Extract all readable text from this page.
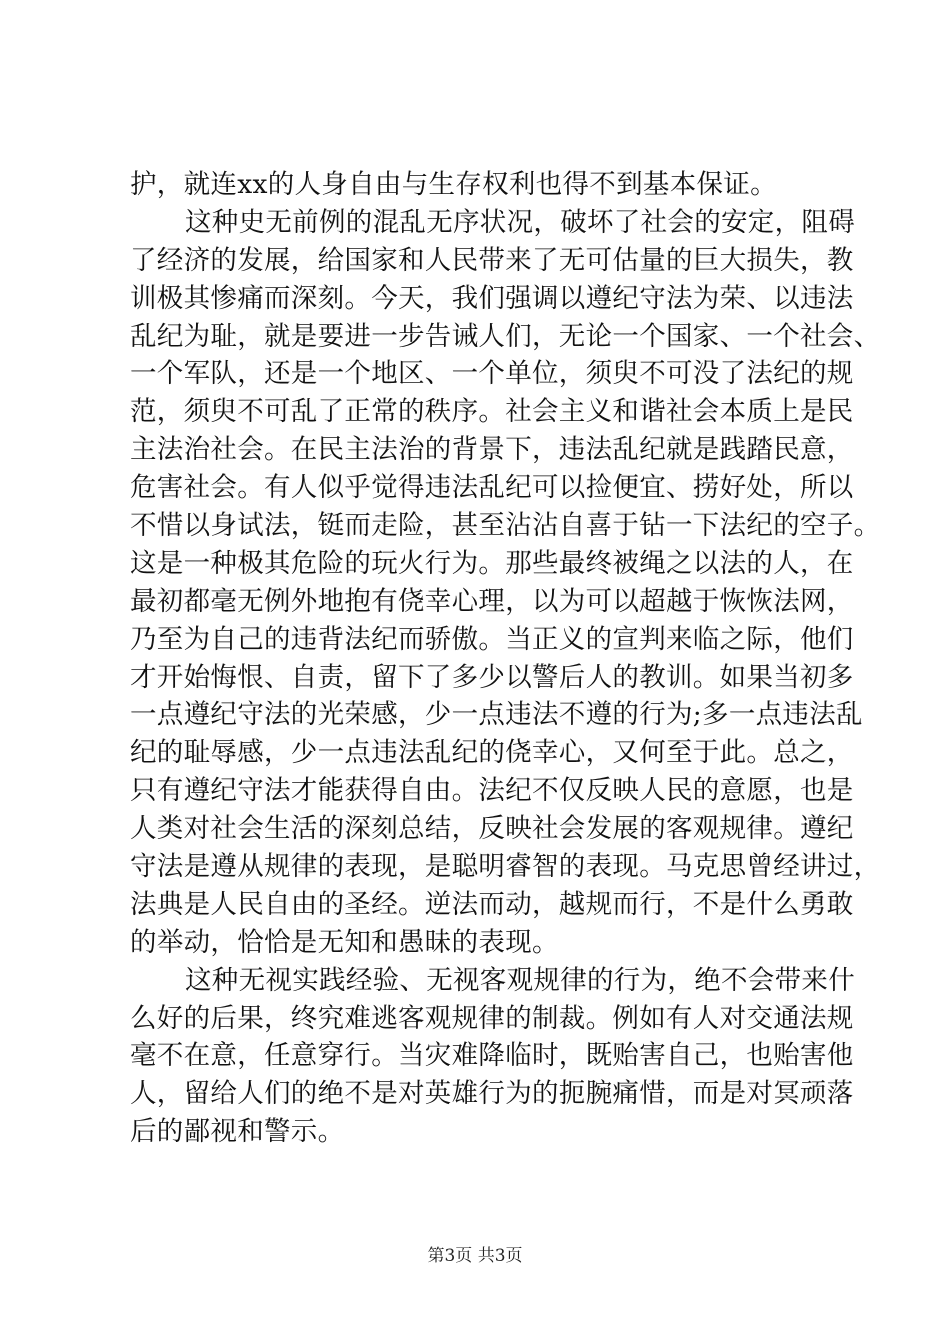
护，就连xx的人身自由与生存权利也得不到基本保证。
这种史无前例的混乱无序状况，破坏了社会的安定，阻碍
了经济的发展，给国家和人民带来了无可估量的巨大损失，教
训极其惨痛而深刻。今天，我们强调以遵纪守法为荣、以违法
乱纪为耻，就是要进一步告诫人们，无论一个国家、一个社会、
一个军队，还是一个地区、一个单位，须臾不可没了法纪的规
范，须臾不可乱了正常的秩序。社会主义和谐社会本质上是民
主法治社会。在民主法治的背景下，违法乱纪就是践踏民意，
危害社会。有人似乎觉得违法乱纪可以捡便宜、捞好处，所以
不惜以身试法，铤而走险，甚至沾沾自喜于钻一下法纪的空子。
这是一种极其危险的玩火行为。那些最终被绳之以法的人，在
最初都毫无例外地抱有侥幸心理，以为可以超越于恢恢法网，
乃至为自己的违背法纪而骄傲。当正义的宣判来临之际，他们
才开始悔恨、自责，留下了多少以警后人的教训。如果当初多
一点遵纪守法的光荣感，少一点违法不遵的行为;多一点违法乱
纪的耻辱感，少一点违法乱纪的侥幸心，又何至于此。总之，
只有遵纪守法才能获得自由。法纪不仅反映人民的意愿，也是
人类对社会生活的深刻总结，反映社会发展的客观规律。遵纪
守法是遵从规律的表现，是聪明睿智的表现。马克思曾经讲过，
法典是人民自由的圣经。逆法而动，越规而行，不是什么勇敢
的举动，恰恰是无知和愚昧的表现。
这种无视实践经验、无视客观规律的行为，绝不会带来什
么好的后果，终究难逃客观规律的制裁。例如有人对交通法规
毫不在意，任意穿行。当灾难降临时，既贻害自己，也贻害他
人，留给人们的绝不是对英雄行为的扼腕痛惜，而是对冥顽落
后的鄙视和警示。
第3页 共3页
